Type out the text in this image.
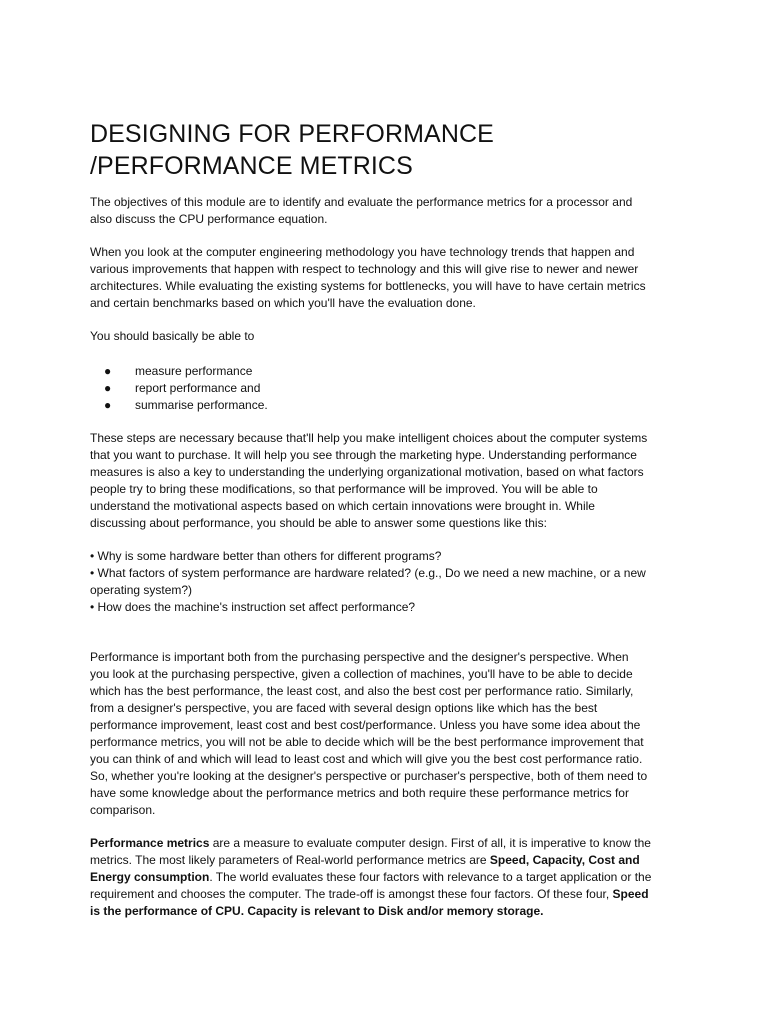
DESIGNING FOR PERFORMANCE
/PERFORMANCE METRICS

The objectives of this module are to identify and evaluate the performance metrics for a processor and
also discuss the CPU performance equation.

When you look at the computer engineering methodology you have technology trends that happen and
various improvements that happen with respect to technology and this will give rise to newer and newer
architectures. While evaluating the existing systems for bottlenecks, you will have to have certain metrics
and certain benchmarks based on which you'll have the evaluation done.

You should basically be able to

● measure performance
● report performance and
● summarise performance.

These steps are necessary because that'll help you make intelligent choices about the computer systems
that you want to purchase. It will help you see through the marketing hype. Understanding performance
measures is also a key to understanding the underlying organizational motivation, based on what factors
people try to bring these modifications, so that performance will be improved. You will be able to
understand the motivational aspects based on which certain innovations were brought in. While
discussing about performance, you should be able to answer some questions like this:

• Why is some hardware better than others for different programs?
• What factors of system performance are hardware related? (e.g., Do we need a new machine, or a new
operating system?)
• How does the machine's instruction set affect performance?

Performance is important both from the purchasing perspective and the designer's perspective. When
you look at the purchasing perspective, given a collection of machines, you'll have to be able to decide
which has the best performance, the least cost, and also the best cost per performance ratio. Similarly,
from a designer's perspective, you are faced with several design options like which has the best
performance improvement, least cost and best cost/performance. Unless you have some idea about the
performance metrics, you will not be able to decide which will be the best performance improvement that
you can think of and which will lead to least cost and which will give you the best cost performance ratio.
So, whether you're looking at the designer's perspective or purchaser's perspective, both of them need to
have some knowledge about the performance metrics and both require these performance metrics for
comparison.

Performance metrics are a measure to evaluate computer design. First of all, it is imperative to know the
metrics. The most likely parameters of Real-world performance metrics are Speed, Capacity, Cost and
Energy consumption. The world evaluates these four factors with relevance to a target application or the
requirement and chooses the computer. The trade-off is amongst these four factors. Of these four, Speed
is the performance of CPU. Capacity is relevant to Disk and/or memory storage.
